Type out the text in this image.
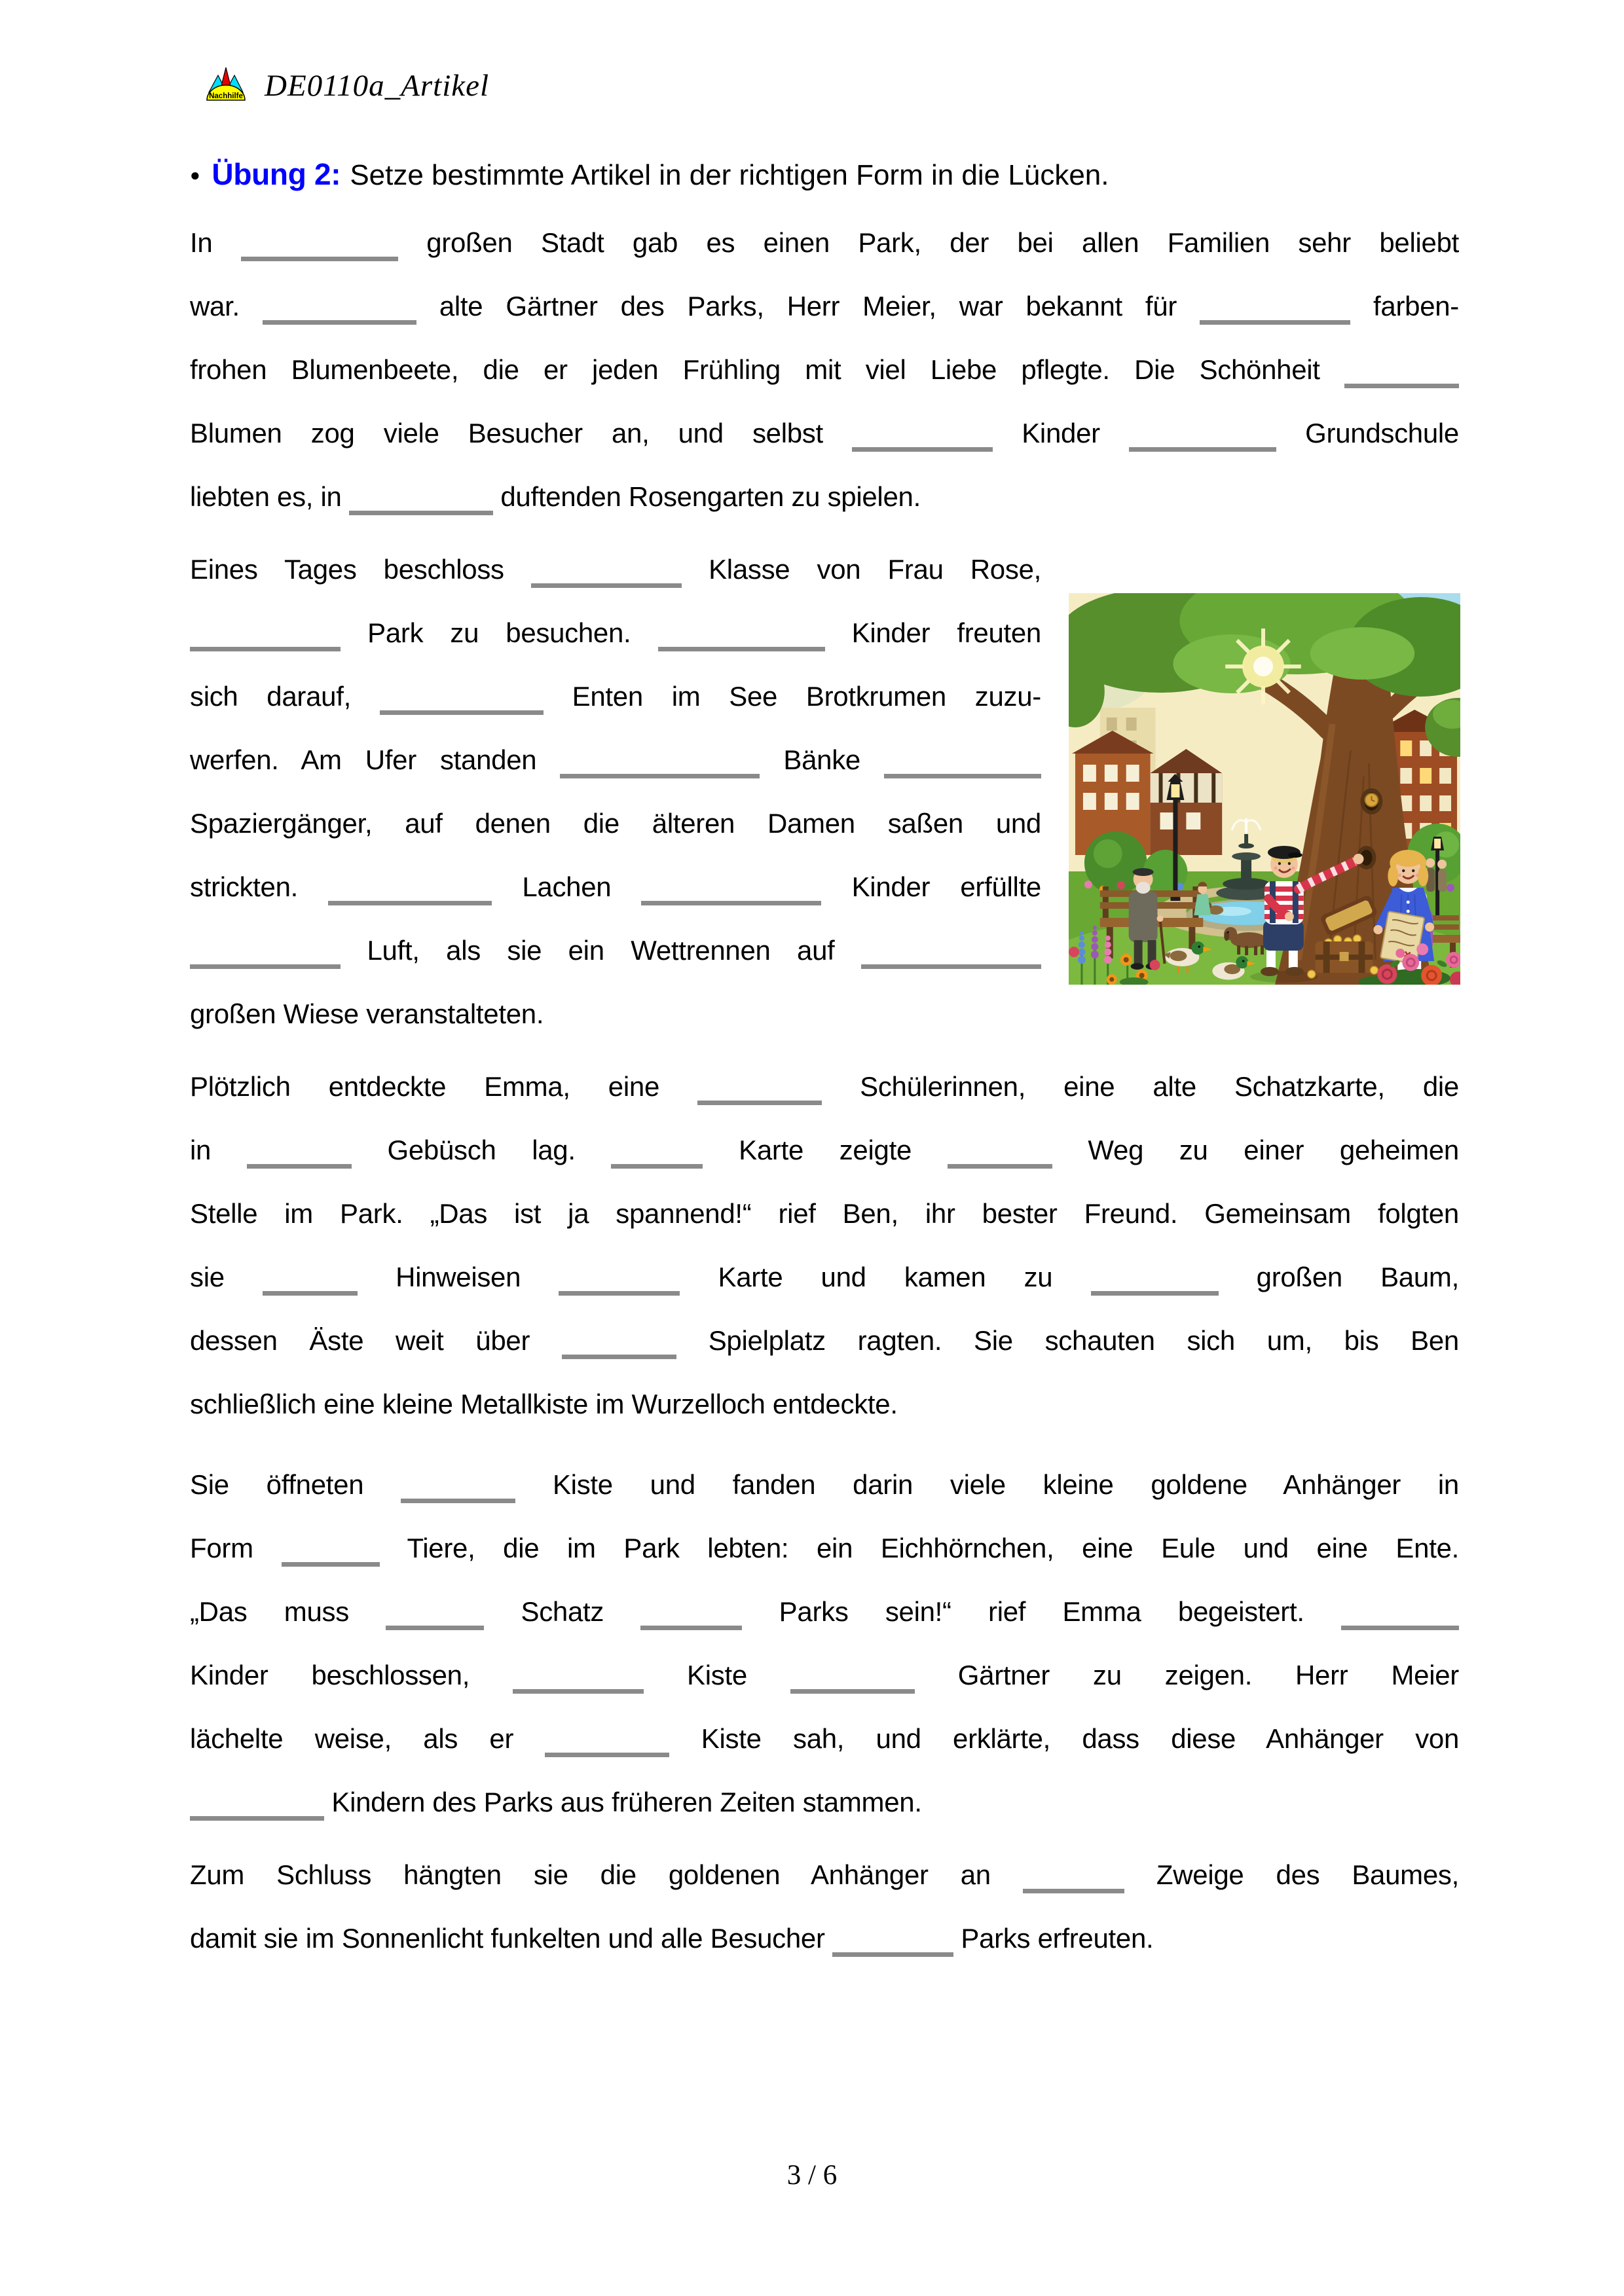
Nachhilfe DE0110a_Artikel
● Übung 2: Setze bestimmte Artikel in der richtigen Form in die Lücken.
In	großen Stadt gab es einen Park, der bei allen Familien sehr beliebt
war.	alte Gärtner des Parks, Herr Meier, war bekannt für	farben-
frohen Blumenbeete, die er jeden Frühling mit viel Liebe pflegte. Die Schönheit
Blumen zog viele Besucher an, und selbst	Kinder	Grundschule
liebten es, in	duftenden Rosengarten zu spielen.
Eines Tages beschloss	Klasse von Frau Rose,
Park zu besuchen.	Kinder freuten
sich darauf,	Enten im See Brotkrumen zuzu-
werfen. Am Ufer standen	Bänke
Spaziergänger, auf denen die älteren Damen saßen und
strickten.	Lachen	Kinder erfüllte
Luft, als sie ein Wettrennen auf
großen Wiese veranstalteten.
Plötzlich entdeckte Emma, eine	Schülerinnen, eine alte Schatzkarte, die
in	Gebüsch lag.	Karte zeigte	Weg zu einer geheimen
Stelle im Park. „Das ist ja spannend!“ rief Ben, ihr bester Freund. Gemeinsam folgten
sie	Hinweisen	Karte und kamen zu	großen Baum,
dessen Äste weit über	Spielplatz ragten. Sie schauten sich um, bis Ben
schließlich eine kleine Metallkiste im Wurzelloch entdeckte.
Sie öffneten	Kiste und fanden darin viele kleine goldene Anhänger in
Form	Tiere, die im Park lebten: ein Eichhörnchen, eine Eule und eine Ente.
„Das muss	Schatz	Parks sein!“ rief Emma begeistert.
Kinder beschlossen,	Kiste	Gärtner zu zeigen. Herr Meier
lächelte weise, als er	Kiste sah, und erklärte, dass diese Anhänger von
Kindern des Parks aus früheren Zeiten stammen.
Zum Schluss hängten sie die goldenen Anhänger an	Zweige des Baumes,
damit sie im Sonnenlicht funkelten und alle Besucher	Parks erfreuten.
3 / 6
